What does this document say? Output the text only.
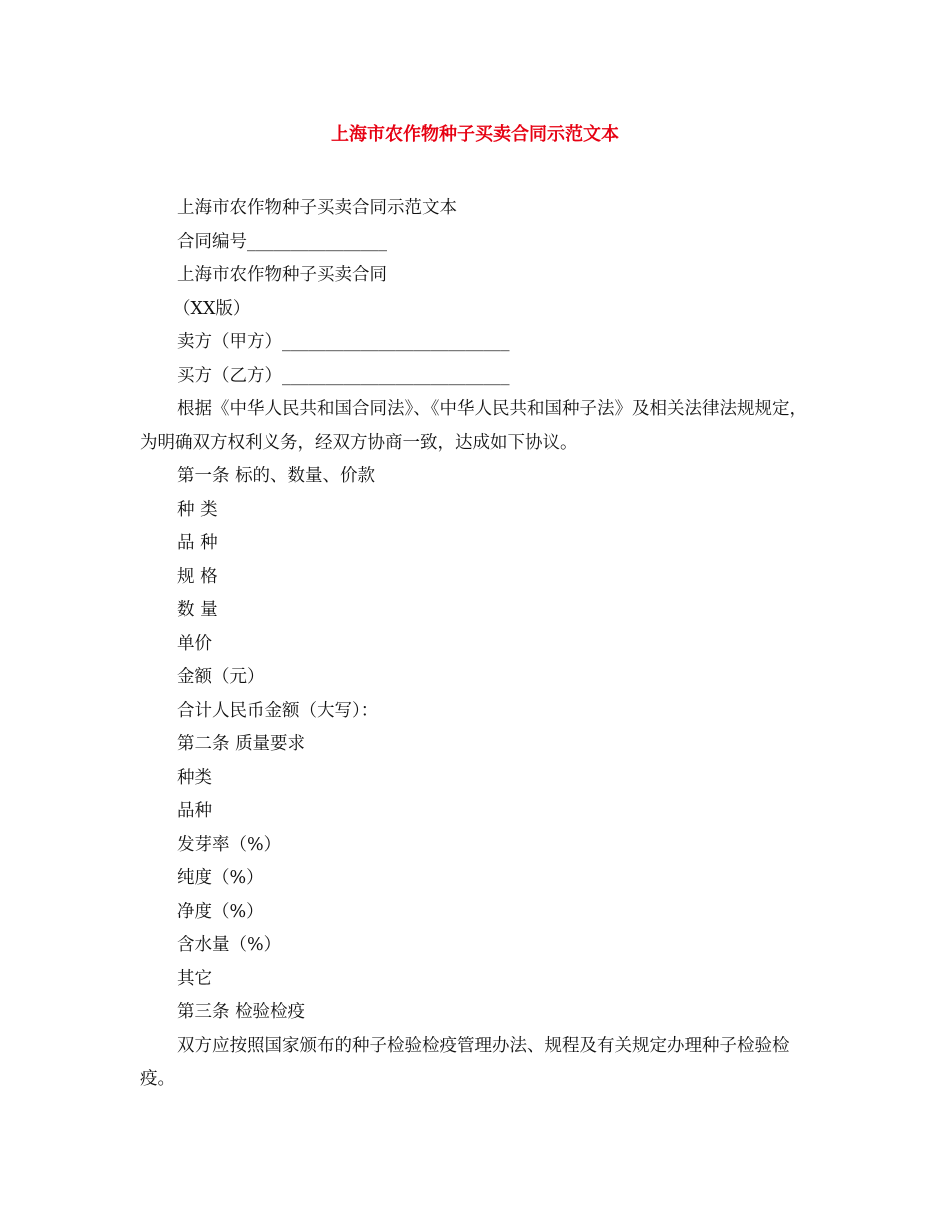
上海市农作物种子买卖合同示范文本

上海市农作物种子买卖合同示范文本

合同编号________________

上海市农作物种子买卖合同

（XX版）

卖方（甲方）__________________________

买方（乙方）__________________________

根据《中华人民共和国合同法》、《中华人民共和国种子法》及相关法律法规规定，为明确双方权利义务，经双方协商一致，达成如下协议。

第一条 标的、数量、价款

种 类

品 种

规 格

数 量

单价

金额（元）

合计人民币金额（大写）：

第二条 质量要求

种类

品种

发芽率（%）

纯度（%）

净度（%）

含水量（%）

其它

第三条 检验检疫

双方应按照国家颁布的种子检验检疫管理办法、规程及有关规定办理种子检验检疫。
